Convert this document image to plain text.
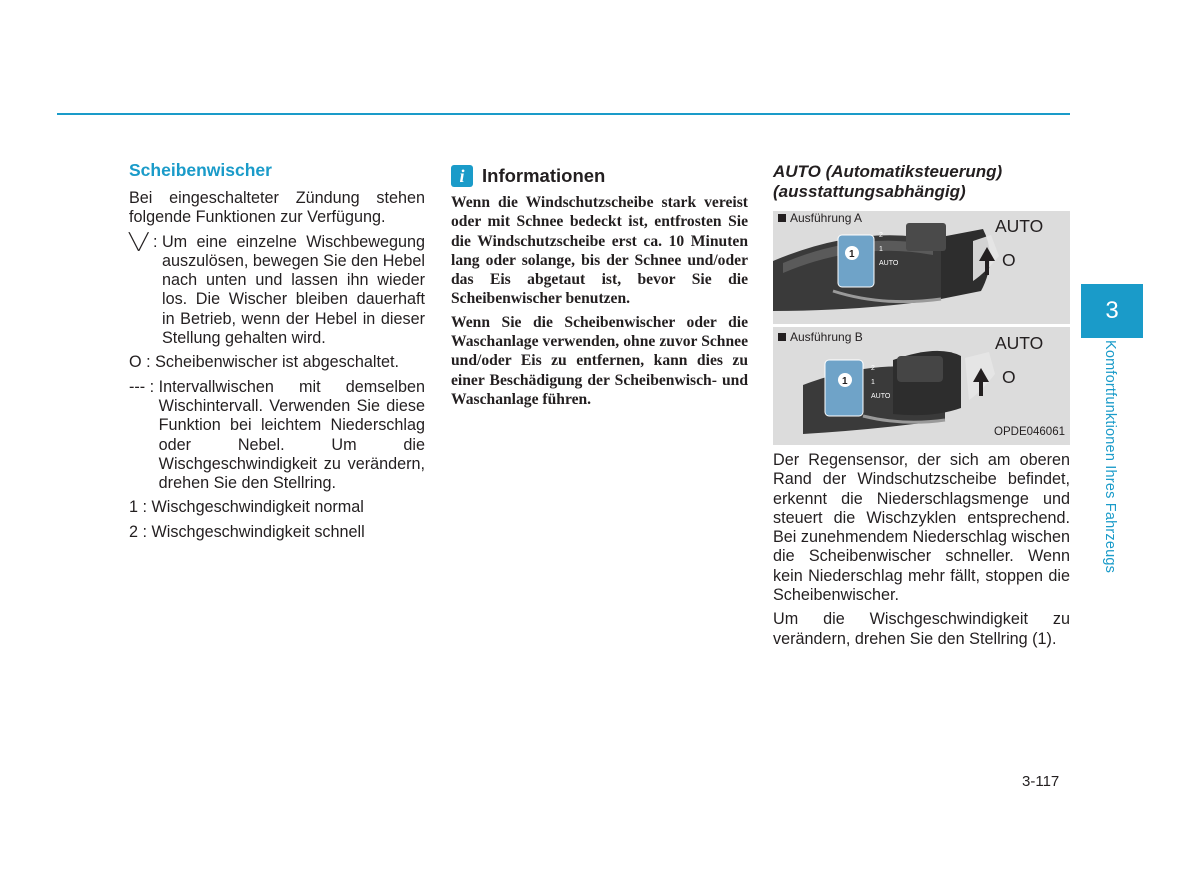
Scheibenwischer

Bei eingeschalteter Zündung stehen folgende Funktionen zur Verfügung.

╲╱ : Um eine einzelne Wischbewegung auszulösen, bewegen Sie den Hebel nach unten und lassen ihn wieder los. Die Wischer bleiben dauerhaft in Betrieb, wenn der Hebel in dieser Stellung gehalten wird.
O : Scheibenwischer ist abgeschaltet.
--- : Intervallwischen mit demselben Wischintervall. Verwenden Sie diese Funktion bei leichtem Niederschlag oder Nebel. Um die Wischgeschwindigkeit zu verändern, drehen Sie den Stellring.
1 : Wischgeschwindigkeit normal
2 : Wischgeschwindigkeit schnell
i Informationen

Wenn die Windschutzscheibe stark vereist oder mit Schnee bedeckt ist, entfrosten Sie die Windschutzscheibe erst ca. 10 Minuten lang oder solange, bis der Schnee und/oder das Eis abgetaut ist, bevor Sie die Scheibenwischer benutzen.

Wenn Sie die Scheibenwischer oder die Waschanlage verwenden, ohne zuvor Schnee und/oder Eis zu entfernen, kann dies zu einer Beschädigung der Scheibenwisch- und Waschanlage führen.

AUTO (Automatiksteuerung) (ausstattungsabhängig)
2
1
AUTO
1
Ausführung A	AUTO
O
2
1
AUTO
1
Ausführung B	AUTO
O
OPDE046061

Der Regensensor, der sich am oberen Rand der Windschutzscheibe befindet, erkennt die Niederschlagsmenge und steuert die Wischzyklen entsprechend. Bei zunehmendem Niederschlag wischen die Scheibenwischer schneller. Wenn kein Niederschlag mehr fällt, stoppen die Scheibenwischer.

Um die Wischgeschwindigkeit zu verändern, drehen Sie den Stellring (1).

3
Komfortfunktionen Ihres Fahrzeugs
3-117
